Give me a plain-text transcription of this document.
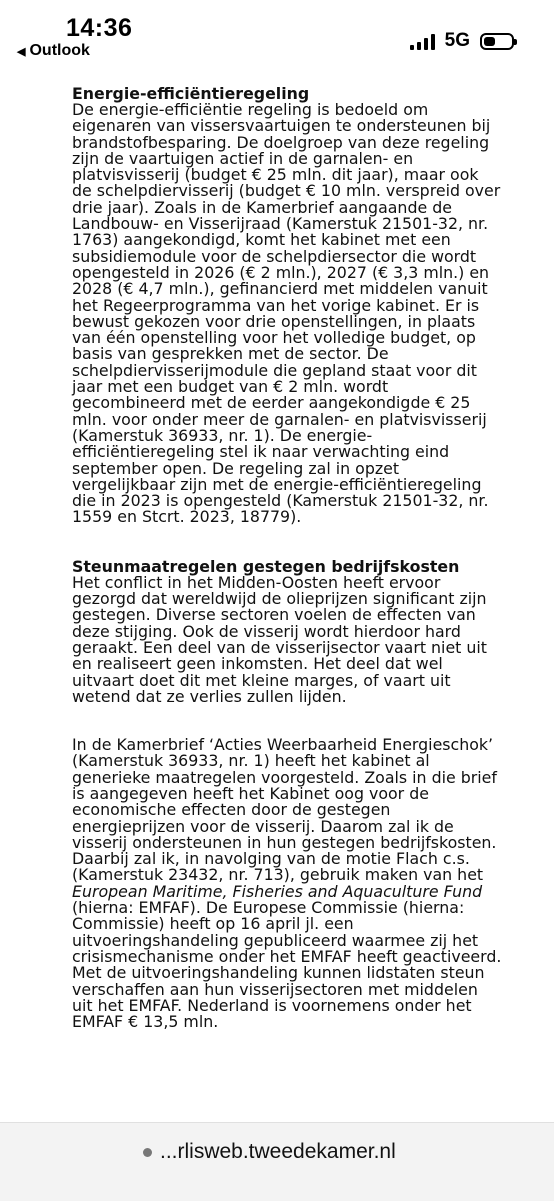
14:36
◀ Outlook	5G
Energie-efficiëntieregeling

De energie-efficiëntie regeling is bedoeld om eigenaren van vissersvaartuigen te ondersteunen bij brandstofbesparing. De doelgroep van deze regeling zijn de vaartuigen actief in de garnalen- en platvisvisserij (budget € 25 mln. dit jaar), maar ook de schelpdiervisserij (budget € 10 mln. verspreid over drie jaar). Zoals in de Kamerbrief aangaande de Landbouw- en Visserijraad (Kamerstuk 21501-32, nr. 1763) aangekondigd, komt het kabinet met een subsidiemodule voor de schelpdiersector die wordt opengesteld in 2026 (€ 2 mln.), 2027 (€ 3,3 mln.) en 2028 (€ 4,7 mln.), gefinancierd met middelen vanuit het Regeerprogramma van het vorige kabinet. Er is bewust gekozen voor drie openstellingen, in plaats van één openstelling voor het volledige budget, op basis van gesprekken met de sector. De schelpdiervisserijmodule die gepland staat voor dit jaar met een budget van € 2 mln. wordt gecombineerd met de eerder aangekondigde € 25 mln. voor onder meer de garnalen- en platvisvisserij (Kamerstuk 36933, nr. 1). De energie-efficiëntieregeling stel ik naar verwachting eind september open. De regeling zal in opzet vergelijkbaar zijn met de energie-efficiëntieregeling die in 2023 is opengesteld (Kamerstuk 21501-32, nr. 1559 en Stcrt. 2023, 18779).

Steunmaatregelen gestegen bedrijfskosten

Het conflict in het Midden-Oosten heeft ervoor gezorgd dat wereldwijd de olieprijzen significant zijn gestegen. Diverse sectoren voelen de effecten van deze stijging. Ook de visserij wordt hierdoor hard geraakt. Een deel van de visserijsector vaart niet uit en realiseert geen inkomsten. Het deel dat wel uitvaart doet dit met kleine marges, of vaart uit wetend dat ze verlies zullen lijden.

In de Kamerbrief ‘Acties Weerbaarheid Energieschok’ (Kamerstuk 36933, nr. 1) heeft het kabinet al generieke maatregelen voorgesteld. Zoals in die brief is aangegeven heeft het Kabinet oog voor de economische effecten door de gestegen energieprijzen voor de visserij. Daarom zal ik de visserij ondersteunen in hun gestegen bedrijfskosten. Daarbij zal ik, in navolging van de motie Flach c.s. (Kamerstuk 23432, nr. 713), gebruik maken van het European Maritime, Fisheries and Aquaculture Fund (hierna: EMFAF). De Europese Commissie (hierna: Commissie) heeft op 16 april jl. een uitvoeringshandeling gepubliceerd waarmee zij het crisismechanisme onder het EMFAF heeft geactiveerd. Met de uitvoeringshandeling kunnen lidstaten steun verschaffen aan hun visserijsectoren met middelen uit het EMFAF. Nederland is voornemens onder het EMFAF € 13,5 mln.

...rlisweb.tweedekamer.nl
